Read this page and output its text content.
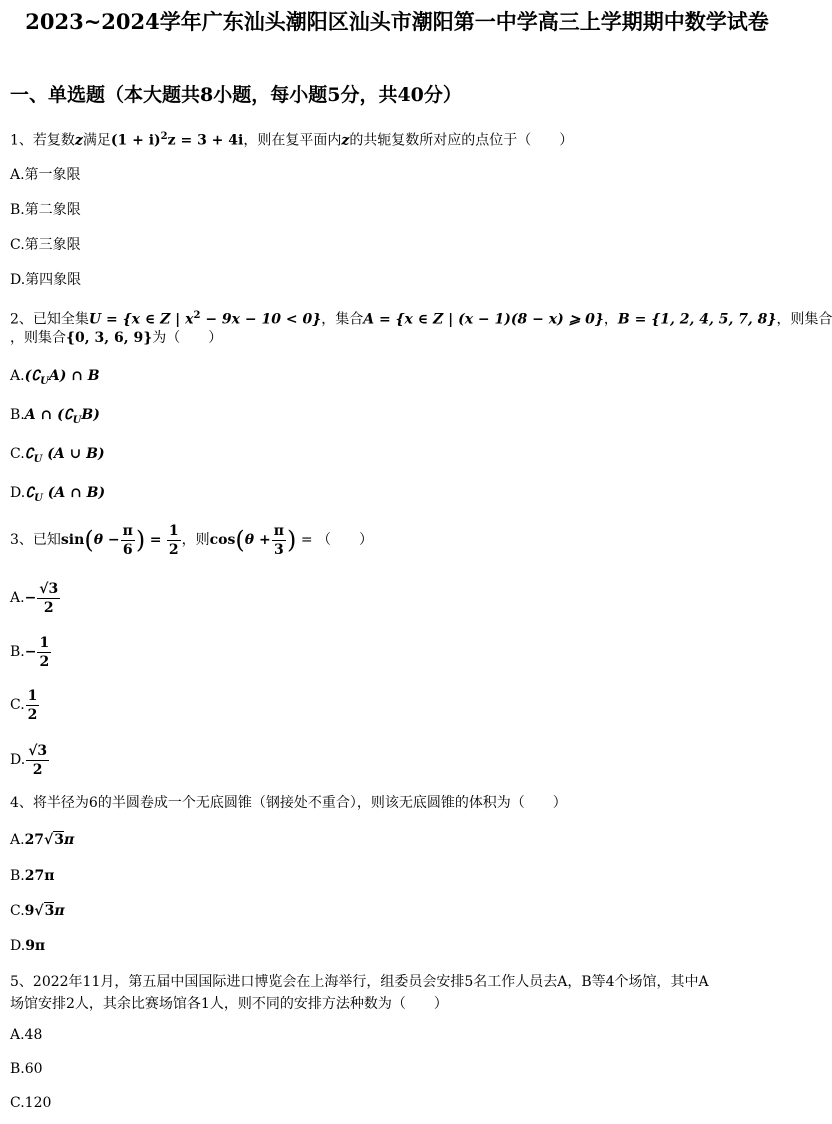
2023~2024学年广东汕头潮阳区汕头市潮阳第一中学高三上学期期中数学试卷
一、单选题（本大题共8小题，每小题5分，共40分）
1、若复数z满足$(1 + i)^2z = 3 + 4i$，则在复平面内z的共轭复数所对应的点位于（　　）
A.第一象限
B.第二象限
C.第三象限
D.第四象限
2、已知全集U = {x ∈ Z | $x^2 - 9x - 10 < 0$}，集合A = {x ∈ Z | (x − 1)(8 − x) ⩾ 0}，B = {1, 2, 4, 5, 7, 8}，则集合
，则集合{0, 3, 6, 9}为（　　）
$A.(∁_UA)$ ∩ B
B.A ∩ $(∁_UB)$
$C.∁_U$ (A ∪ B)
$D.∁_U$ (A ∩ B)
3、已知$\sin(\theta - \frac{\pi}{6}$ ) = $\frac{1}{2}$ ，则$\cos(\theta + \frac{\pi}{3}$ ) = （　　）
$A.- \frac{√3}{2}$
$B.- \frac{1}{2}$
C. $\frac{1}{2}$
D. $\frac{√3}{2}$
4、将半径为6的半圆卷成一个无底圆锥（钢接处不重合），则该无底圆锥的体积为（　　）
A.27√3π
B.27π
C.9√3π
D.9π
5、2022年11月，第五届中国国际进口博览会在上海举行，组委员会安排5名工作人员去A，B等4个场馆，其中A
场馆安排2人，其余比赛场馆各1人，则不同的安排方法种数为（　　）
A.48
B.60
C.120
